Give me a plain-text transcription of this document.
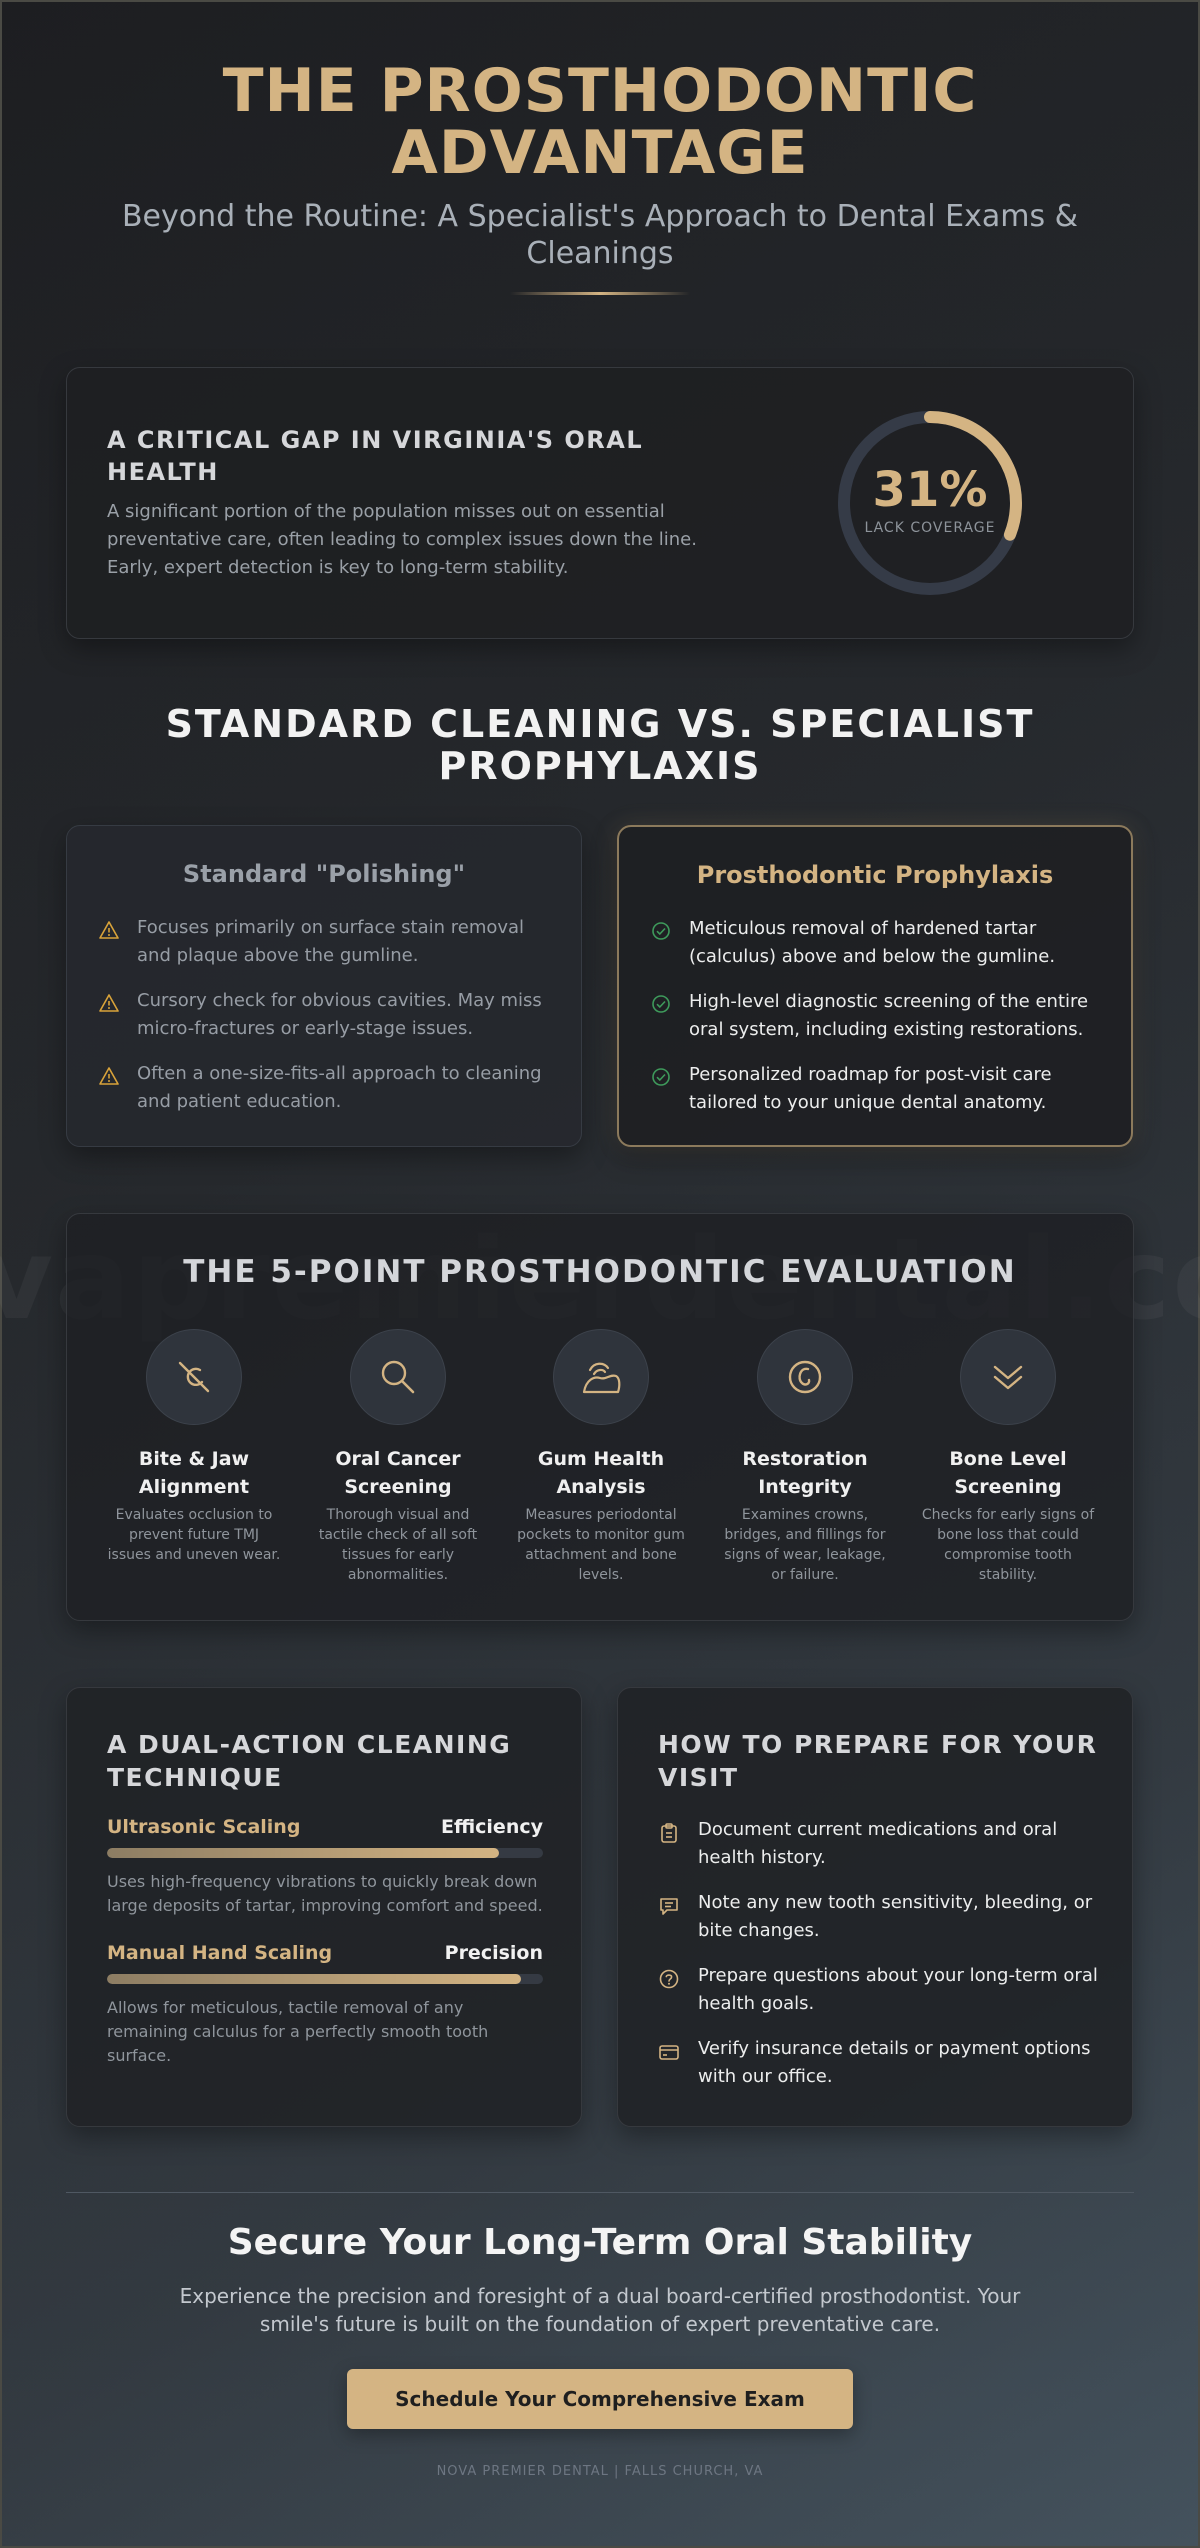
THE PROSTHODONTIC ADVANTAGE

Beyond the Routine: A Specialist's Approach to Dental Exams & Cleanings

A CRITICAL GAP IN VIRGINIA'S ORAL HEALTH

A significant portion of the population misses out on essential preventative care, often leading to complex issues down the line. Early, expert detection is key to long-term stability.

31%
LACK COVERAGE
STANDARD CLEANING VS. SPECIALIST PROPHYLAXIS
Standard "Polishing"
Focuses primarily on surface stain removal and plaque above the gumline.
Cursory check for obvious cavities. May miss micro-fractures or early-stage issues.
Often a one-size-fits-all approach to cleaning and patient education.
Prosthodontic Prophylaxis
Meticulous removal of hardened tartar (calculus) above and below the gumline.
High-level diagnostic screening of the entire oral system, including existing restorations.
Personalized roadmap for post-visit care tailored to your unique dental anatomy.
THE 5-POINT PROSTHODONTIC EVALUATION
Bite & Jaw Alignment
Evaluates occlusion to prevent future TMJ issues and uneven wear.
Oral Cancer Screening
Thorough visual and tactile check of all soft tissues for early abnormalities.
Gum Health Analysis
Measures periodontal pockets to monitor gum attachment and bone levels.
Restoration Integrity
Examines crowns, bridges, and fillings for signs of wear, leakage, or failure.
Bone Level Screening
Checks for early signs of bone loss that could compromise tooth stability.
A DUAL-ACTION CLEANING TECHNIQUE
Ultrasonic Scaling	Efficiency

Uses high-frequency vibrations to quickly break down large deposits of tartar, improving comfort and speed.

Manual Hand Scaling	Precision

Allows for meticulous, tactile removal of any remaining calculus for a perfectly smooth tooth surface.

HOW TO PREPARE FOR YOUR VISIT
Document current medications and oral health history.
Note any new tooth sensitivity, bleeding, or bite changes.
Prepare questions about your long-term oral health goals.
Verify insurance details or payment options with our office.
Secure Your Long-Term Oral Stability

Experience the precision and foresight of a dual board-certified prosthodontist. Your smile's future is built on the foundation of expert preventative care.

Schedule Your Comprehensive Exam
NOVA PREMIER DENTAL | FALLS CHURCH, VA
